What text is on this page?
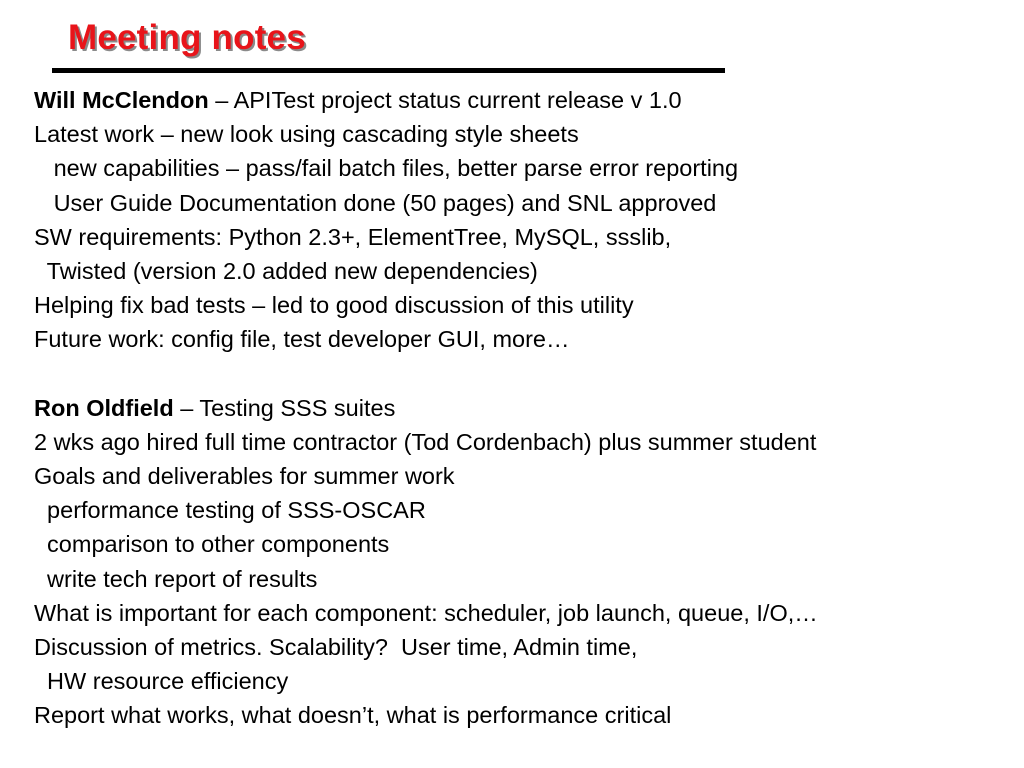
Meeting notes
Will McClendon – APITest project status current release v 1.0
Latest work – new look using cascading style sheets
new capabilities – pass/fail batch files, better parse error reporting
User Guide Documentation done (50 pages) and SNL approved
SW requirements: Python 2.3+, ElementTree, MySQL, ssslib,
Twisted (version 2.0 added new dependencies)
Helping fix bad tests – led to good discussion of this utility
Future work: config file, test developer GUI, more…
Ron Oldfield – Testing SSS suites
2 wks ago hired full time contractor (Tod Cordenbach) plus summer student
Goals and deliverables for summer work
performance testing of SSS-OSCAR
comparison to other components
write tech report of results
What is important for each component: scheduler, job launch, queue, I/O,…
Discussion of metrics. Scalability?  User time, Admin time,
HW resource efficiency
Report what works, what doesn’t, what is performance critical
